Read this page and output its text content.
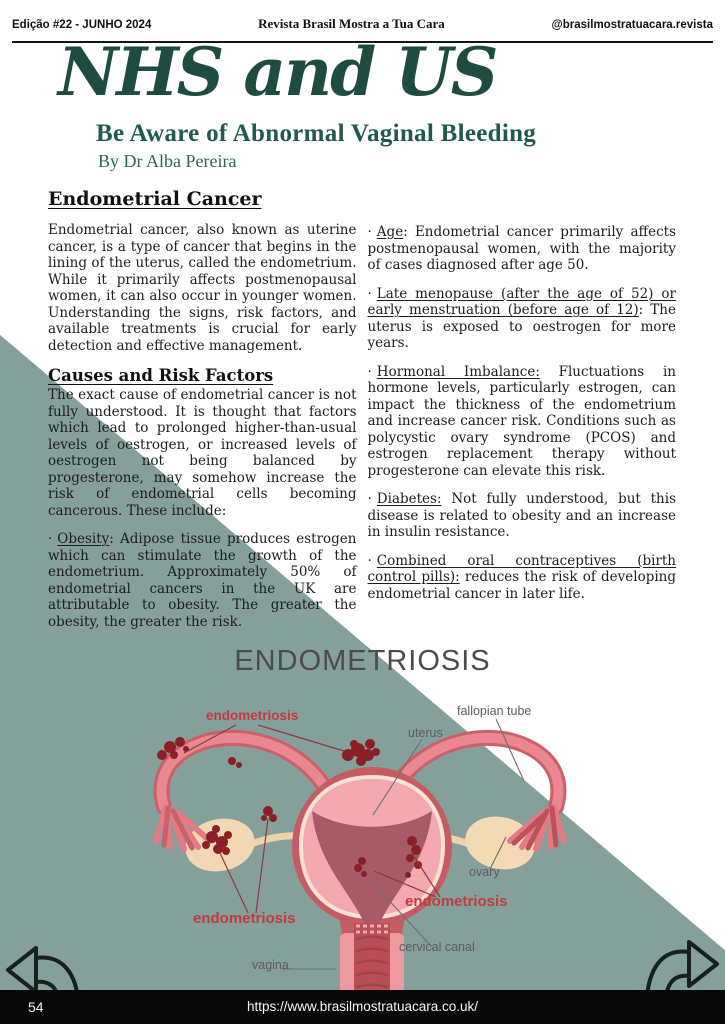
Edição #22 - JUNHO 2024	Revista Brasil Mostra a Tua Cara	@brasilmostratuacara.revista
NHS and US
Be Aware of Abnormal Vaginal Bleeding
By Dr Alba Pereira
Endometrial Cancer

Endometrial cancer, also known as uterine cancer, is a type of cancer that begins in the lining of the uterus, called the endometrium. While it primarily affects postmenopausal women, it can also occur in younger women. Understanding the signs, risk factors, and available treatments is crucial for early detection and effective management.

Causes and Risk Factors

The exact cause of endometrial cancer is not fully understood. It is thought that factors which lead to prolonged higher-than-usual levels of oestrogen, or increased levels of oestrogen not being balanced by progesterone, may somehow increase the risk of endometrial cells becoming cancerous. These include:

· Obesity: Adipose tissue produces estrogen which can stimulate the growth of the endometrium. Approximately 50% of endometrial cancers in the UK are attributable to obesity. The greater the obesity, the greater the risk.

· Age: Endometrial cancer primarily affects postmenopausal women, with the majority of cases diagnosed after age 50.

· Late menopause (after the age of 52) or early menstruation (before age of 12): The uterus is exposed to oestrogen for more years.

· Hormonal Imbalance: Fluctuations in hormone levels, particularly estrogen, can impact the thickness of the endometrium and increase cancer risk. Conditions such as polycystic ovary syndrome (PCOS) and estrogen replacement therapy without progesterone can elevate this risk.

· Diabetes: Not fully understood, but this disease is related to obesity and an increase in insulin resistance.

· Combined oral contraceptives (birth control pills): reduces the risk of developing endometrial cancer in later life.

ENDOMETRIOSIS
endometriosis	fallopian tube
uterus
ovary
endometriosis
endometriosis
cervical canal
vagina
54	https://www.brasilmostratuacara.co.uk/
